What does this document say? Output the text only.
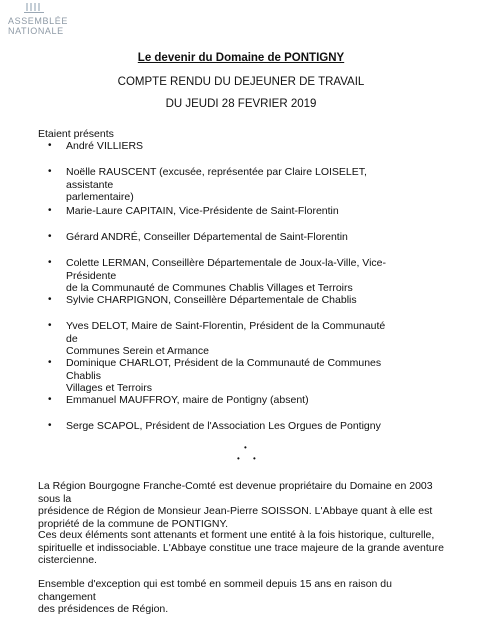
ASSEMBLÉE
NATIONALE
Le devenir du Domaine de PONTIGNY
COMPTE RENDU DU DEJEUNER DE TRAVAIL
DU JEUDI 28 FEVRIER 2019
Etaient présents
• André VILLIERS
• Noëlle RAUSCENT (excusée, représentée par Claire LOISELET, assistante
parlementaire)
• Marie-Laure CAPITAIN, Vice-Présidente de Saint-Florentin
• Gérard ANDRÉ, Conseiller Départemental de Saint-Florentin
• Colette LERMAN, Conseillère Départementale de Joux-la-Ville, Vice-Présidente
de la Communauté de Communes Chablis Villages et Terroirs
• Sylvie CHARPIGNON, Conseillère Départementale de Chablis
• Yves DELOT, Maire de Saint-Florentin, Président de la Communauté de
Communes Serein et Armance
• Dominique CHARLOT, Président de la Communauté de Communes Chablis
Villages et Terroirs
• Emmanuel MAUFFROY, maire de Pontigny (absent)
• Serge SCAPOL, Président de l'Association Les Orgues de Pontigny
•
• •
La Région Bourgogne Franche-Comté est devenue propriétaire du Domaine en 2003 sous la
présidence de Région de Monsieur Jean-Pierre SOISSON. L'Abbaye quant à elle est
propriété de la commune de PONTIGNY.
Ces deux éléments sont attenants et forment une entité à la fois historique, culturelle,
spirituelle et indissociable. L'Abbaye constitue une trace majeure de la grande aventure
cistercienne.
Ensemble d'exception qui est tombé en sommeil depuis 15 ans en raison du changement
des présidences de Région.
